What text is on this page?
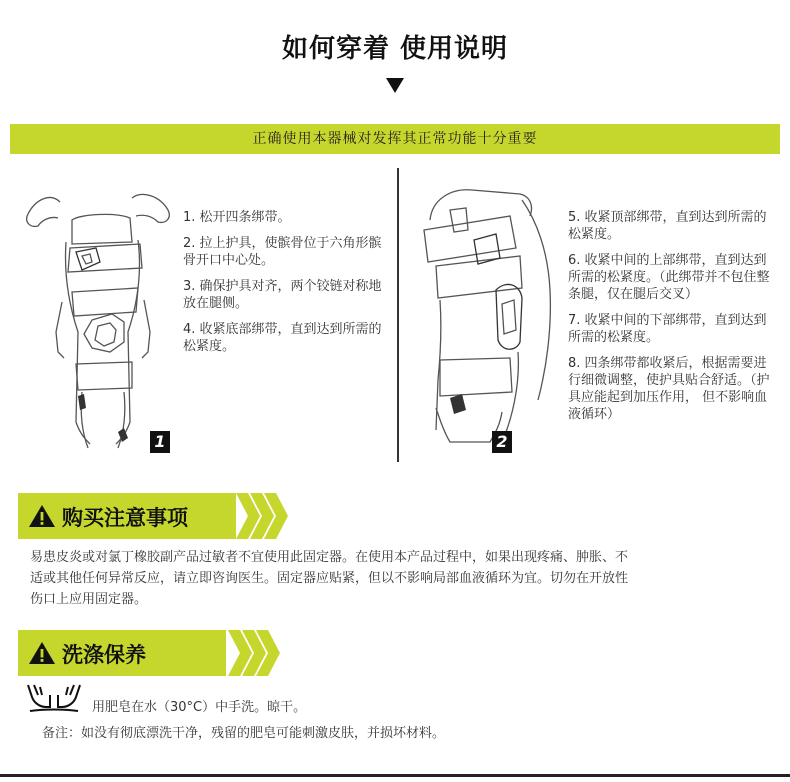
如何穿着 使用说明
正确使用本器械对发挥其正常功能十分重要
1	2

1. 松开四条绑带。

2. 拉上护具，使髌骨位于六角形髌骨开口中心处。

3. 确保护具对齐，两个铰链对称地放在腿侧。

4. 收紧底部绑带，直到达到所需的松紧度。

5. 收紧顶部绑带，直到达到所需的松紧度。

6. 收紧中间的上部绑带，直到达到所需的松紧度。（此绑带并不包住整条腿，仅在腿后交叉）

7. 收紧中间的下部绑带，直到达到所需的松紧度。

8. 四条绑带都收紧后，根据需要进行细微调整，使护具贴合舒适。（护具应能起到加压作用， 但不影响血液循环）

购买注意事项
易患皮炎或对氯丁橡胶副产品过敏者不宜使用此固定器。在使用本产品过程中，如果出现疼痛、肿胀、不
适或其他任何异常反应，请立即咨询医生。固定器应贴紧，但以不影响局部血液循环为宜。切勿在开放性
伤口上应用固定器。
洗涤保养
用肥皂在水（30°C）中手洗。晾干。
备注：如没有彻底漂洗干净，残留的肥皂可能刺激皮肤，并损坏材料。
